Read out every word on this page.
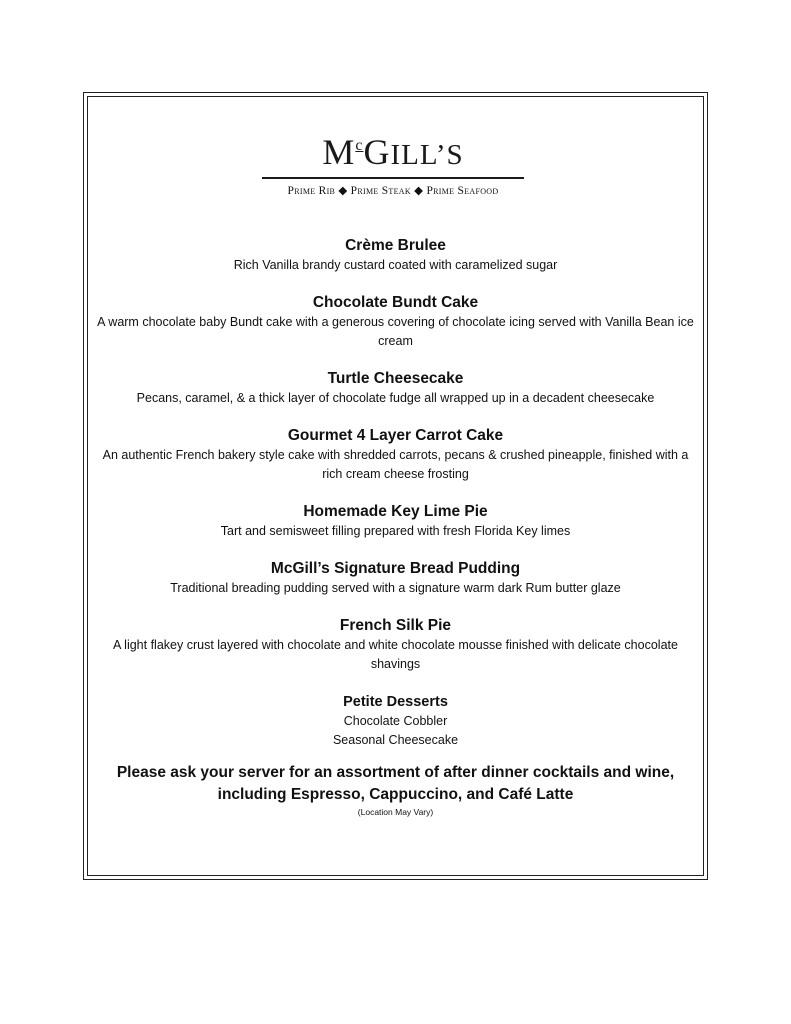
$M^cGILL’S$
Prime Rib ◆ Prime Steak ◆ Prime Seafood

Crème Brulee

Rich Vanilla brandy custard coated with caramelized sugar

Chocolate Bundt Cake

A warm chocolate baby Bundt cake with a generous covering of chocolate icing served with Vanilla Bean ice cream

Turtle Cheesecake

Pecans, caramel, & a thick layer of chocolate fudge all wrapped up in a decadent cheesecake

Gourmet 4 Layer Carrot Cake

An authentic French bakery style cake with shredded carrots, pecans & crushed pineapple, finished with a rich cream cheese frosting

Homemade Key Lime Pie

Tart and semisweet filling prepared with fresh Florida Key limes

McGill’s Signature Bread Pudding

Traditional breading pudding served with a signature warm dark Rum butter glaze

French Silk Pie

A light flakey crust layered with chocolate and white chocolate mousse finished with delicate chocolate shavings

Petite Desserts

Chocolate Cobbler
Seasonal Cheesecake
Please ask your server for an assortment of after dinner cocktails and wine, including Espresso, Cappuccino, and Café Latte
(Location May Vary)
